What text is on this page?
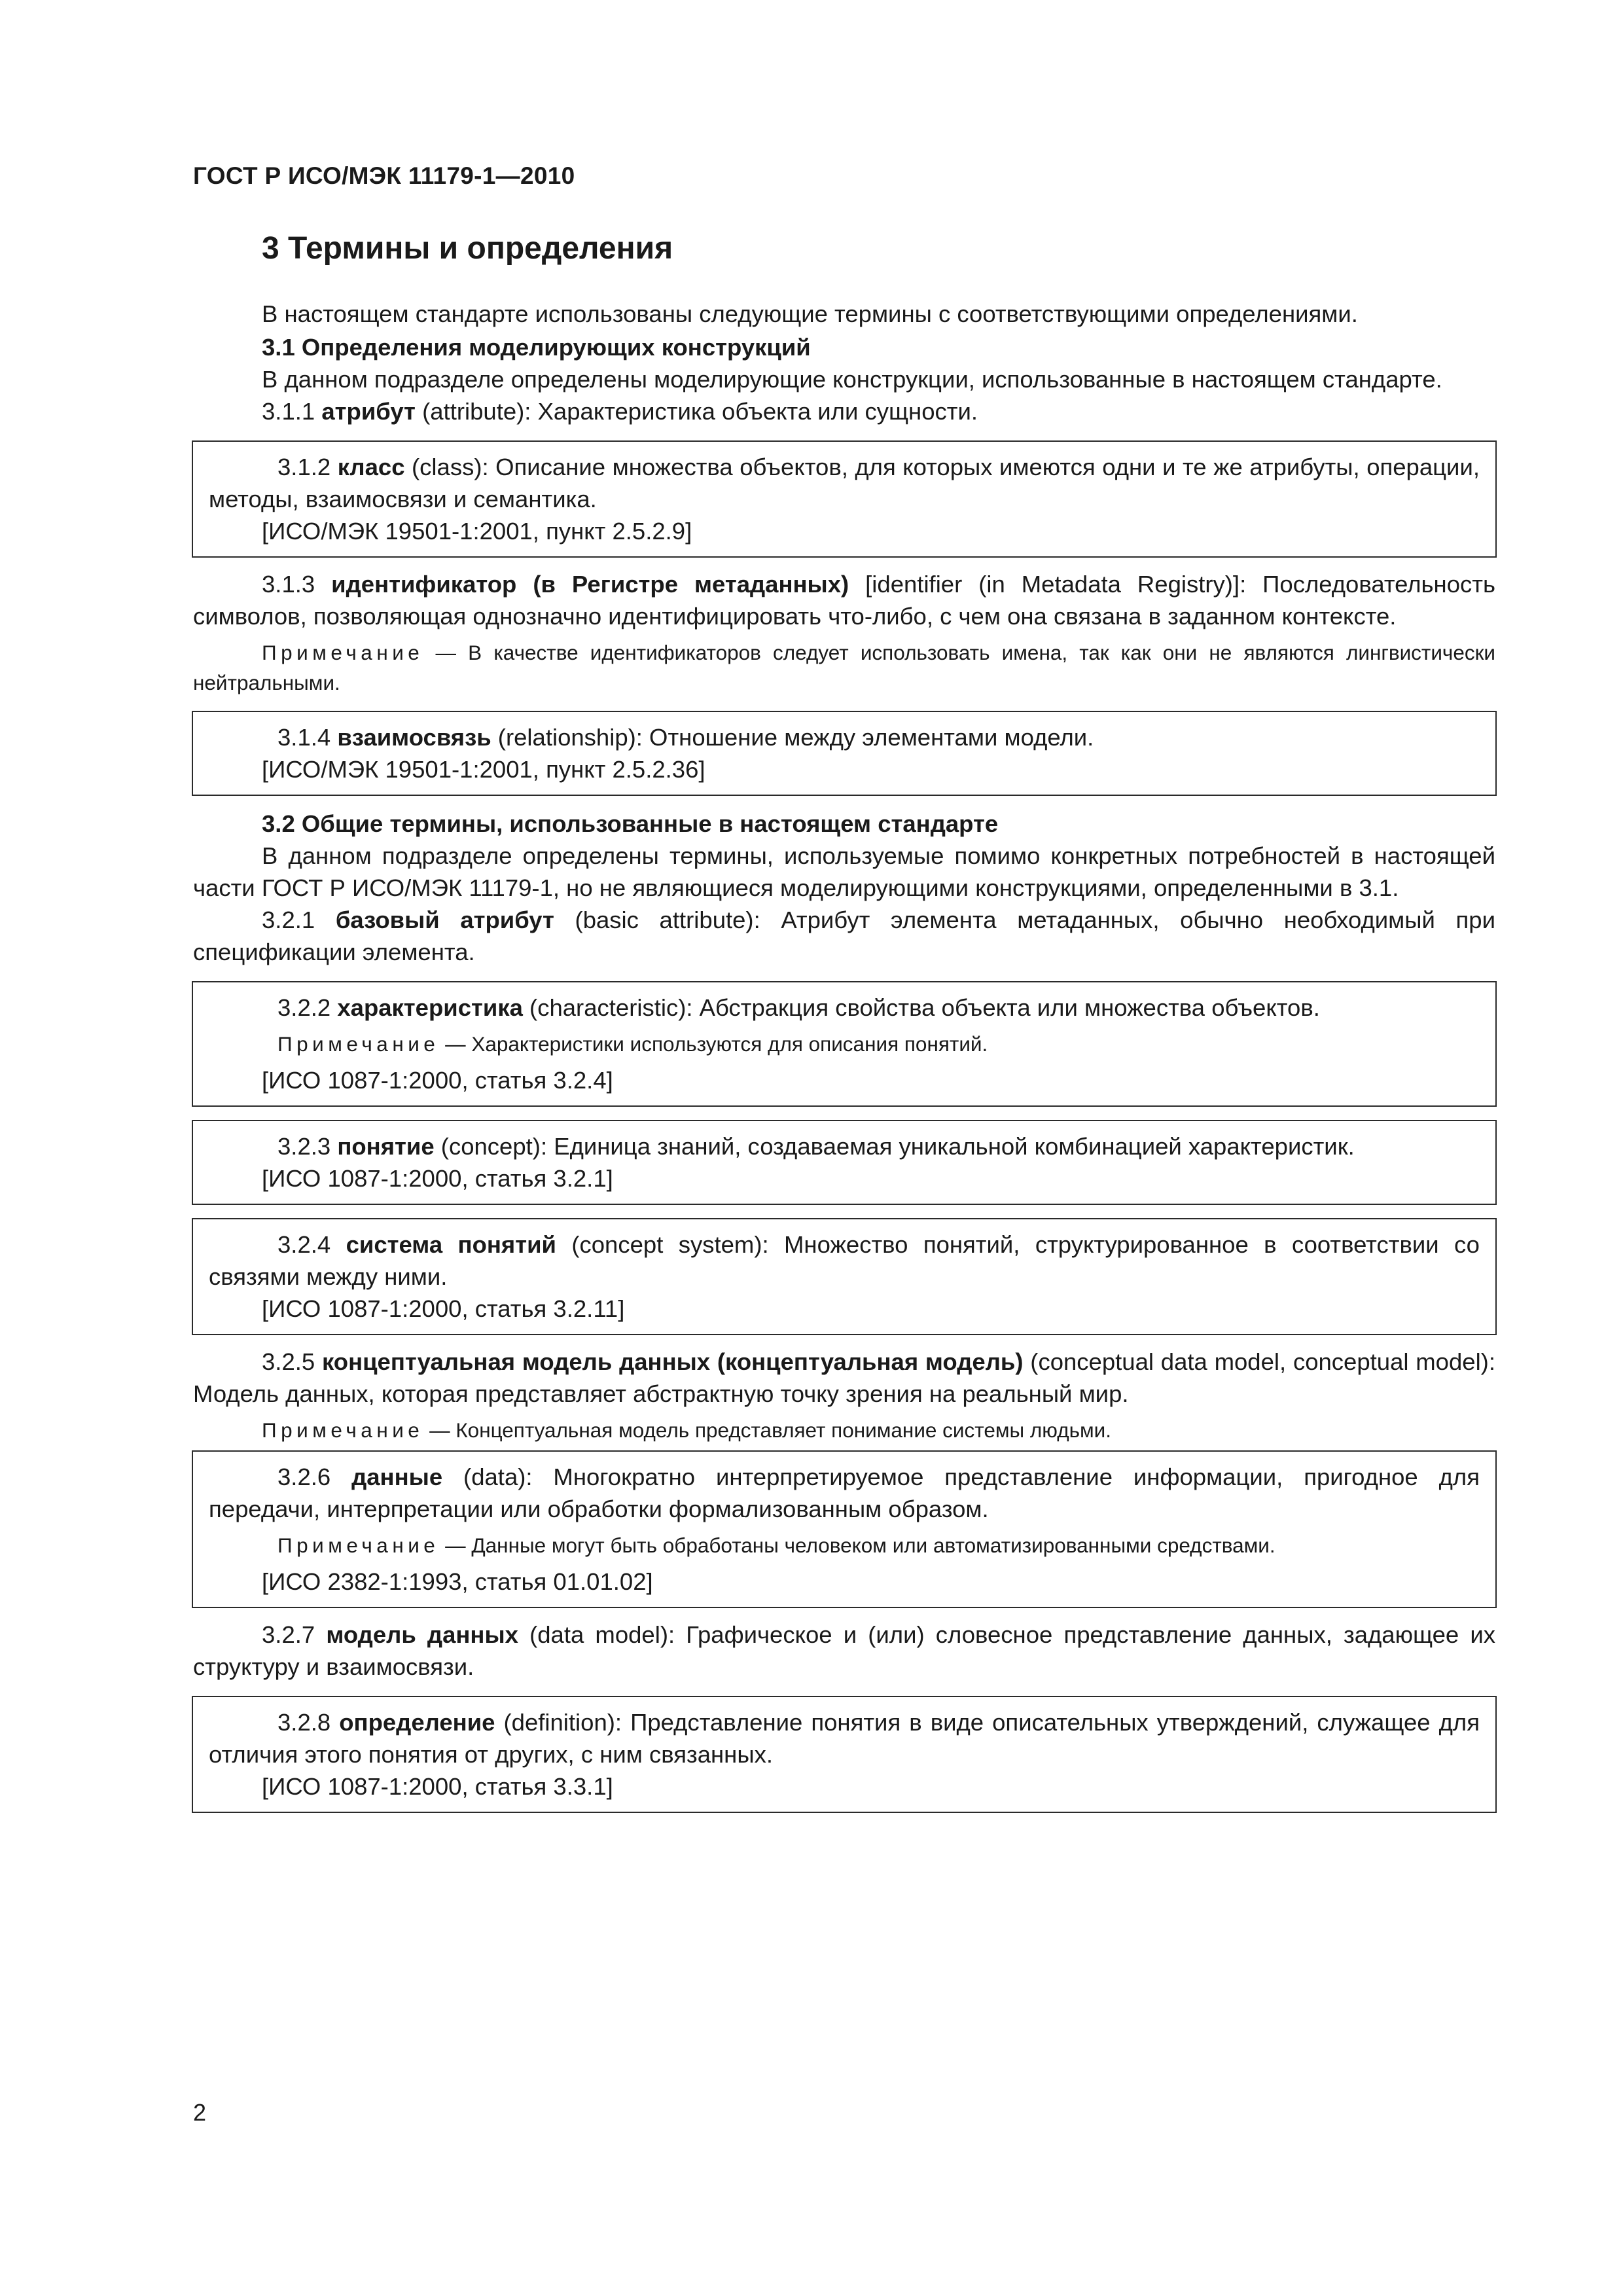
ГОСТ Р ИСО/МЭК 11179-1—2010
3 Термины и определения

В настоящем стандарте использованы следующие термины с соответствующими определениями.

3.1 Определения моделирующих конструкций

В данном подразделе определены моделирующие конструкции, использованные в настоящем стандарте.

3.1.1 атрибут (attribute): Характеристика объекта или сущности.

3.1.2 класс (class): Описание множества объектов, для которых имеются одни и те же атрибуты, операции, методы, взаимосвязи и семантика.

[ИСО/МЭК 19501-1:2001, пункт 2.5.2.9]

3.1.3 идентификатор (в Регистре метаданных) [identifier (in Metadata Registry)]: Последовательность символов, позволяющая однозначно идентифицировать что-либо, с чем она связана в заданном контексте.

Примечание — В качестве идентификаторов следует использовать имена, так как они не являются лингвистически нейтральными.

3.1.4 взаимосвязь (relationship): Отношение между элементами модели.

[ИСО/МЭК 19501-1:2001, пункт 2.5.2.36]

3.2 Общие термины, использованные в настоящем стандарте

В данном подразделе определены термины, используемые помимо конкретных потребностей в настоящей части ГОСТ Р ИСО/МЭК 11179-1, но не являющиеся моделирующими конструкциями, определенными в 3.1.

3.2.1 базовый атрибут (basic attribute): Атрибут элемента метаданных, обычно необходимый при спецификации элемента.

3.2.2 характеристика (characteristic): Абстракция свойства объекта или множества объектов.

Примечание — Характеристики используются для описания понятий.

[ИСО 1087-1:2000, статья 3.2.4]

3.2.3 понятие (concept): Единица знаний, создаваемая уникальной комбинацией характеристик.

[ИСО 1087-1:2000, статья 3.2.1]

3.2.4 система понятий (concept system): Множество понятий, структурированное в соответствии со связями между ними.

[ИСО 1087-1:2000, статья 3.2.11]

3.2.5 концептуальная модель данных (концептуальная модель) (conceptual data model, conceptual model): Модель данных, которая представляет абстрактную точку зрения на реальный мир.

Примечание — Концептуальная модель представляет понимание системы людьми.

3.2.6 данные (data): Многократно интерпретируемое представление информации, пригодное для передачи, интерпретации или обработки формализованным образом.

Примечание — Данные могут быть обработаны человеком или автоматизированными средствами.

[ИСО 2382-1:1993, статья 01.01.02]

3.2.7 модель данных (data model): Графическое и (или) словесное представление данных, задающее их структуру и взаимосвязи.

3.2.8 определение (definition): Представление понятия в виде описательных утверждений, служащее для отличия этого понятия от других, с ним связанных.

[ИСО 1087-1:2000, статья 3.3.1]

2
